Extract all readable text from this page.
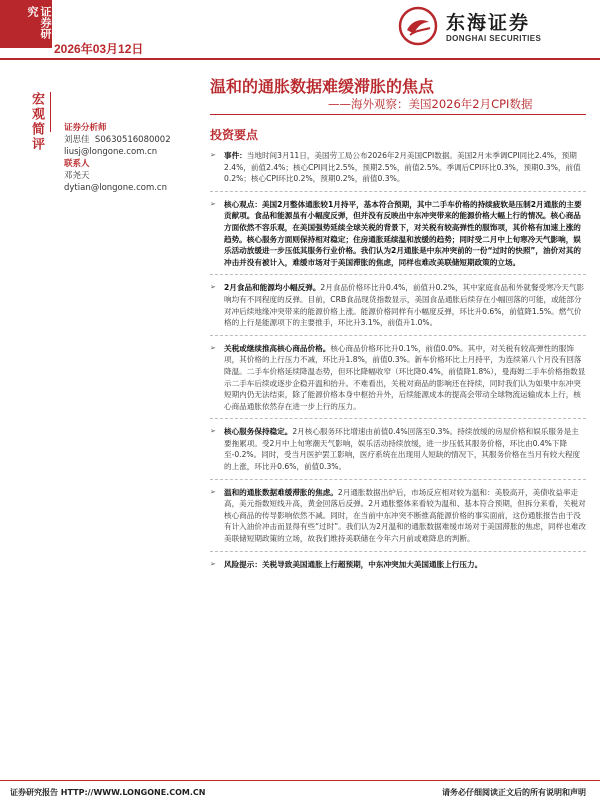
证券研究
东海证券
DONGHAI SECURITIES
2026年03月12日
温和的通胀数据难缓滞胀的焦点
——海外观察：美国2026年2月CPI数据
宏观简评 证券分析师
刘思佳 S0630516080002
liusj@longone.com.cn
联系人
邓尧天
dytian@longone.com.cn
投资要点

➢ 事件：当地时间3月11日，美国劳工局公布2026年2月美国CPI数据。美国2月未季调CPI同比2.4%，预期2.4%，前值2.4%；核心CPI同比2.5%，预期2.5%，前值2.5%。季调后CPI环比0.3%，预期0.3%，前值0.2%；核心CPI环比0.2%，预期0.2%，前值0.3%。

➢ 核心观点：美国2月整体通胀较1月持平，基本符合预期，其中二手车价格的持续疲软是压制2月通胀的主要贡献项。食品和能源虽有小幅度反弹，但并没有反映出中东冲突带来的能源价格大幅上行的情况。核心商品方面依然不容乐观，在美国强势延续全球关税的背景下，对关税有较高弹性的服饰项，其价格有加速上涨的趋势。核心服务方面则保持相对稳定；住房通胀延续温和放缓的趋势；同时受二月中上旬寒冷天气影响，娱乐活动放缓进一步压低其服务行业价格。我们认为2月通胀是中东冲突前的一份“过时的快照”，油价对其的冲击并没有被计入，难缓市场对于美国滞胀的焦虑，同样也难改美联储短期政策的立场。

➢ 2月食品和能源均小幅反弹。2月食品价格环比升0.4%，前值升0.2%，其中家庭食品和外就餐受寒冷天气影响均有不同程度的反弹。目前，CRB食品现货指数显示，美国食品通胀后续存在小幅回落的可能，或能部分对冲后续地缘冲突带来的能源价格上涨。能源价格同样有小幅度反弹，环比升0.6%，前值降1.5%。燃气价格的上行是能源项下的主要推手，环比升3.1%，前值升1.0%。

➢ 关税或继续推高核心商品价格。核心商品价格环比升0.1%，前值0.0%。其中，对关税有较高弹性的服饰项，其价格的上行压力不减，环比升1.8%，前值0.3%。新车价格环比上月持平，为连续第八个月没有回落降温。二手车价格延续降温态势，但环比降幅收窄（环比降0.4%，前值降1.8%），曼海姆二手车价格指数显示二手车后续或逐步企稳开温和抬升。不难看出，关税对商品的影响还在持续，同时我们认为如果中东冲突短期内仍无法结束，除了能源价格本身中枢抬升外，后续能源成本的提高会带动全球物流运输成本上行，核心商品通胀依然存在进一步上行的压力。

➢ 核心服务保持稳定。2月核心服务环比增速由前值0.4%回落至0.3%。持续放缓的房屋价格和娱乐服务是主要拖累项。受2月中上旬寒潮天气影响，娱乐活动持续放缓，进一步压低其服务价格，环比由0.4%下降至-0.2%。同时，受当月医护罢工影响，医疗系统在出现用人短缺的情况下，其服务价格在当月有较大程度的上涨，环比升0.6%，前值0.3%。

➢ 温和的通胀数据难缓滞胀的焦虑。2月通胀数据出炉后，市场反应相对较为温和：美股高开，美债收益率走高，美元指数短线升高，黄金回落后反弹。2月通胀整体来看较为温和、基本符合预期，但拆分来看，关税对核心商品的传导影响依然不减。同时，在当前中东冲突不断推高能源价格的事实面前，这份通胀报告由于没有计入油价冲击而显得有些“过时”。我们认为2月温和的通胀数据难缓市场对于美国滞胀的焦虑，同样也难改美联储短期政策的立场，故我们维持美联储在今年六月前或难降息的判断。

➢ 风险提示：关税导致美国通胀上行超预期，中东冲突加大美国通胀上行压力。

证券研究报告 HTTP://WWW.LONGONE.COM.CN	请务必仔细阅读正文后的所有说明和声明
